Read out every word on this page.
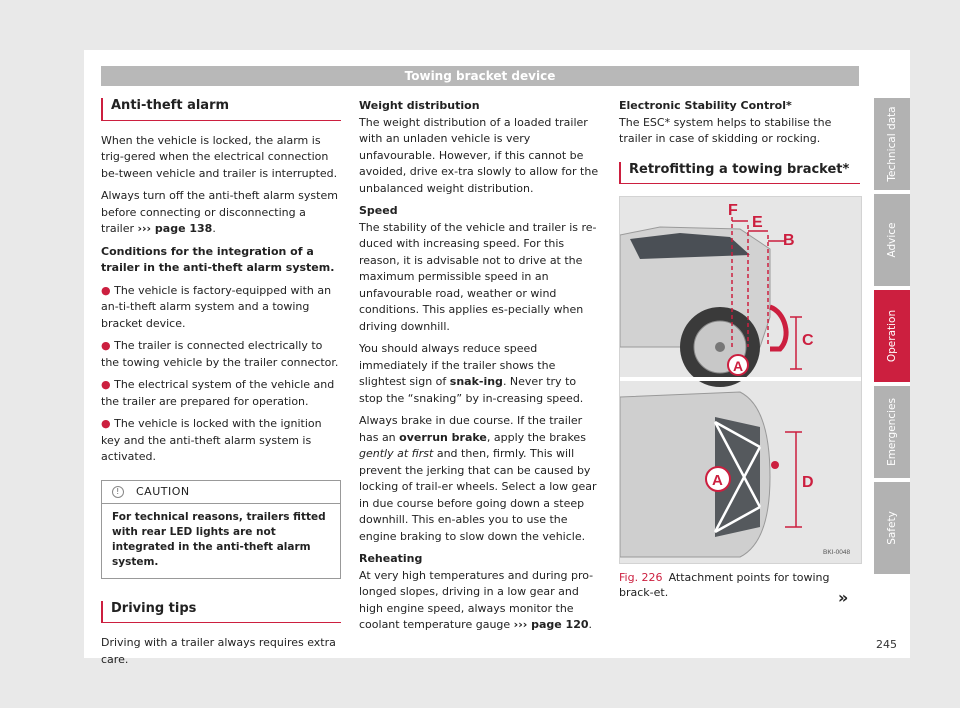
Towing bracket device
Anti-theft alarm

When the vehicle is locked, the alarm is trig-gered when the electrical connection be-tween vehicle and trailer is interrupted.

Always turn off the anti-theft alarm system before connecting or disconnecting a trailer ››› page 138.

Conditions for the integration of a trailer in the anti-theft alarm system.

● The vehicle is factory-equipped with an an-ti-theft alarm system and a towing bracket device.

● The trailer is connected electrically to the towing vehicle by the trailer connector.

● The electrical system of the vehicle and the trailer are prepared for operation.

● The vehicle is locked with the ignition key and the anti-theft alarm system is activated.

! CAUTION
For technical reasons, trailers fitted with rear LED lights are not integrated in the anti-theft alarm system.
Driving tips

Driving with a trailer always requires extra care.

Weight distribution

The weight distribution of a loaded trailer with an unladen vehicle is very unfavourable. However, if this cannot be avoided, drive ex-tra slowly to allow for the unbalanced weight distribution.

Speed

The stability of the vehicle and trailer is re-duced with increasing speed. For this reason, it is advisable not to drive at the maximum permissible speed in an unfavourable road, weather or wind conditions. This applies es-pecially when driving downhill.

You should always reduce speed immediately if the trailer shows the slightest sign of snak-ing. Never try to stop the “snaking” by in-creasing speed.

Always brake in due course. If the trailer has an overrun brake, apply the brakes gently at first and then, firmly. This will prevent the jerking that can be caused by locking of trail-er wheels. Select a low gear in due course before going down a steep downhill. This en-ables you to use the engine braking to slow down the vehicle.

Reheating

At very high temperatures and during pro-longed slopes, driving in a low gear and high engine speed, always monitor the coolant temperature gauge ››› page 120.

Electronic Stability Control*

The ESC* system helps to stabilise the trailer in case of skidding or rocking.

Retrofitting a towing bracket*
F
E
B
C
A
A	D
BKI-0048
Fig. 226 Attachment points for towing brack-et.	»
245
Technical data
Advice
Operation
Emergencies
Safety
